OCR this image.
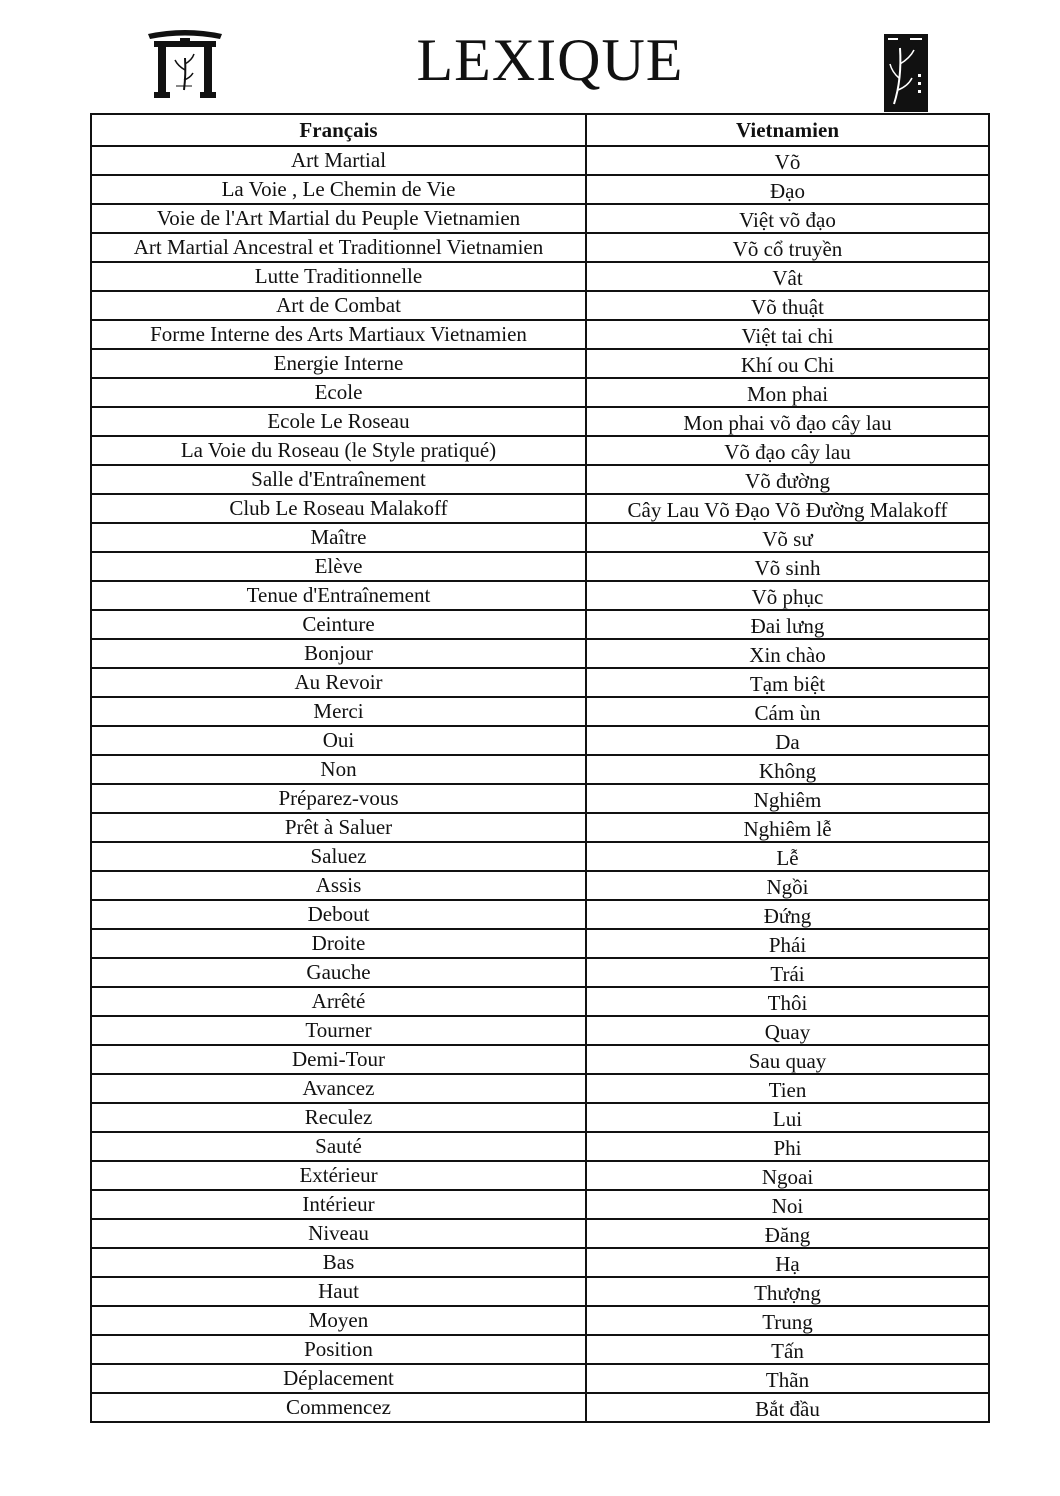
LEXIQUE
Français	Vietnamien
Art Martial	Võ
La Voie , Le Chemin de Vie	Đạo
Voie de l'Art Martial du Peuple Vietnamien	Việt võ đạo
Art Martial Ancestral et Traditionnel Vietnamien	Võ cổ truyền
Lutte Traditionnelle	Vât
Art de Combat	Võ thuật
Forme Interne des Arts Martiaux Vietnamien	Việt tai chi
Energie Interne	Khí ou Chi
Ecole	Mon phai
Ecole Le Roseau	Mon phai võ đạo cây lau
La Voie du Roseau (le Style pratiqué)	Võ đạo cây lau
Salle d'Entraînement	Võ đường
Club Le Roseau Malakoff	Cây Lau Võ Đạo Võ Đường Malakoff
Maître	Võ sư
Elève	Võ sinh
Tenue d'Entraînement	Võ phục
Ceinture	Đai lưng
Bonjour	Xin chào
Au Revoir	Tạm biệt
Merci	Cám ùn
Oui	Da
Non	Không
Préparez-vous	Nghiêm
Prêt à Saluer	Nghiêm lễ
Saluez	Lễ
Assis	Ngồi
Debout	Đứng
Droite	Phái
Gauche	Trái
Arrêté	Thôi
Tourner	Quay
Demi-Tour	Sau quay
Avancez	Tien
Reculez	Lui
Sauté	Phi
Extérieur	Ngoai
Intérieur	Noi
Niveau	Đăng
Bas	Hạ
Haut	Thượng
Moyen	Trung
Position	Tấn
Déplacement	Thãn
Commencez	Bắt đầu
